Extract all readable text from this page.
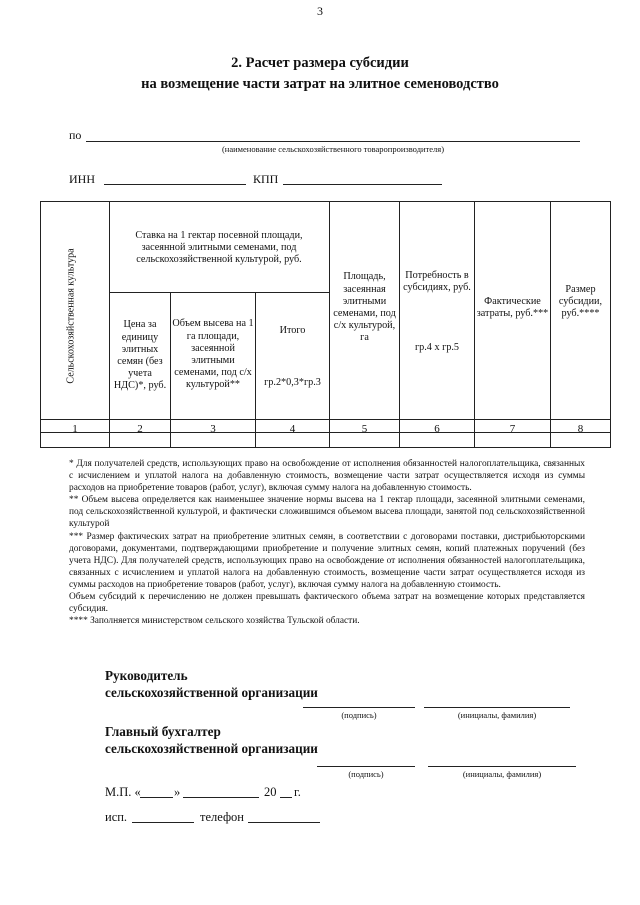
3
2. Расчет размера субсидии
на возмещение части затрат на элитное семеноводство
по
(наименование сельскохозяйственного товаропроизводителя)
ИНН	КПП
Сельскохозяйственная культура
Ставка на 1 гектар посевной площади, засеянной элитными семенами, под сельскохозяйственной культурой, руб.
Цена за единицу элитных семян (без учета НДС)*, руб.
Объем высева на 1 га площади, засеянной элитными семенами, под с/х культурой**
Итого
гр.2*0,3*гр.3
Площадь, засеянная элитными семенами, под с/х культурой, га
Потребность в субсидиях, руб.
гр.4 х гр.5
Фактические затраты, руб.***
Размер субсидии, руб.****
1	2	3	4	5	6	7	8

* Для получателей средств, использующих право на освобождение от исполнения обязанностей налогоплательщика, связанных с исчислением и уплатой налога на добавленную стоимость, возмещение части затрат осуществляется исходя из суммы расходов на приобретение товаров (работ, услуг), включая сумму налога на добавленную стоимость.

** Объем высева определяется как наименьшее значение нормы высева на 1 гектар площади, засеянной элитными семенами, под сельскохозяйственной культурой, и фактически сложившимся объемом высева площади, занятой под сельскохозяйственной культурой

*** Размер фактических затрат на приобретение элитных семян, в соответствии с договорами поставки, дистрибьюторскими договорами, документами, подтверждающими приобретение и получение элитных семян, копий платежных поручений (без учета НДС). Для получателей средств, использующих право на освобождение от исполнения обязанностей налогоплательщика, связанных с исчислением и уплатой налога на добавленную стоимость, возмещение части затрат осуществляется исходя из суммы расходов на приобретение товаров (работ, услуг), включая сумму налога на добавленную стоимость.

Объем субсидий к перечислению не должен превышать фактического объема затрат на возмещение которых представляется субсидия.

**** Заполняется министерством сельского хозяйства Тульской области.

Руководитель
сельскохозяйственной организации
(подпись)	(инициалы, фамилия)
Главный бухгалтер
сельскохозяйственной организации
(подпись)	(инициалы, фамилия)
М.П. «	»	20 г.
исп.	телефон
